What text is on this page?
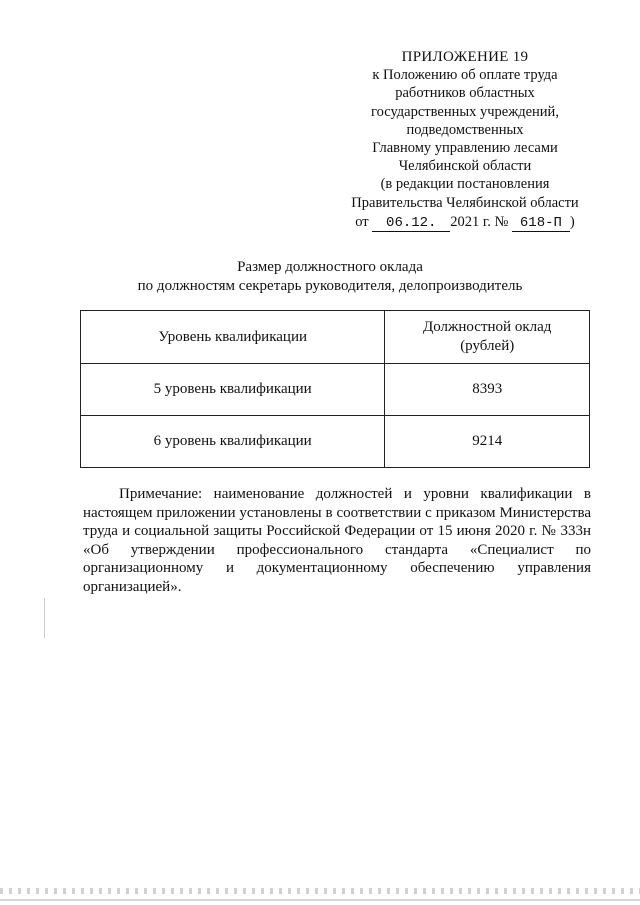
ПРИЛОЖЕНИЕ 19
к Положению об оплате труда
работников областных
государственных учреждений,
подведомственных
Главному управлению лесами
Челябинской области
(в редакции постановления
Правительства Челябинской области
от 06.12. 2021 г. № 618-П )
Размер должностного оклада
по должностям секретарь руководителя, делопроизводитель
Уровень квалификации	Должностной оклад
(рублей)

5 уровень квалификации	8393
6 уровень квалификации	9214
Примечание: наименование должностей и уровни квалификации в настоящем приложении установлены в соответствии с приказом Министерства труда и социальной защиты Российской Федерации от 15 июня 2020 г. № 333н «Об утверждении профессионального стандарта «Специалист по организационному и документационному обеспечению управления организацией».
